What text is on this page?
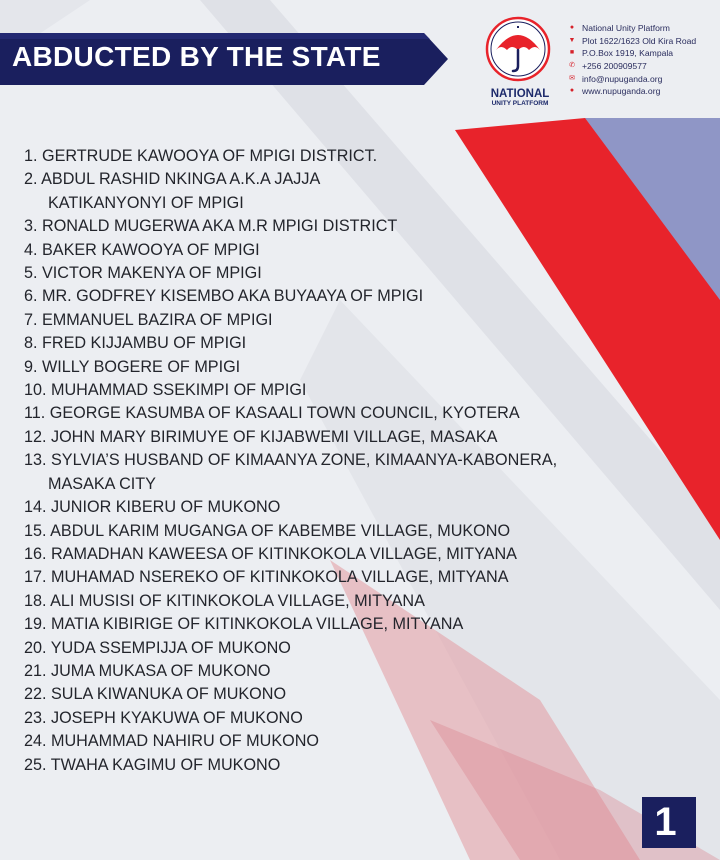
ABDUCTED BY THE STATE
NATIONAL
UNITY PLATFORM
● National Unity Platform
▼ Plot 1622/1623 Old Kira Road
■ P.O.Box 1919, Kampala
✆ +256 200909577
✉ info@nupuganda.org
● www.nupuganda.org
1. GERTRUDE KAWOOYA OF MPIGI DISTRICT.
2. ABDUL RASHID NKINGA A.K.A JAJJA
KATIKANYONYI OF MPIGI
3. RONALD MUGERWA AKA M.R MPIGI DISTRICT
4. BAKER KAWOOYA OF MPIGI
5. VICTOR MAKENYA OF MPIGI
6. MR. GODFREY KISEMBO AKA BUYAAYA OF MPIGI
7. EMMANUEL BAZIRA OF MPIGI
8. FRED KIJJAMBU OF MPIGI
9. WILLY BOGERE OF MPIGI
10. MUHAMMAD SSEKIMPI OF MPIGI
11. GEORGE KASUMBA OF KASAALI TOWN COUNCIL, KYOTERA
12. JOHN MARY BIRIMUYE OF KIJABWEMI VILLAGE, MASAKA
13. SYLVIA’S HUSBAND OF KIMAANYA ZONE, KIMAANYA-KABONERA,
MASAKA CITY
14. JUNIOR KIBERU OF MUKONO
15. ABDUL KARIM MUGANGA OF KABEMBE VILLAGE, MUKONO
16. RAMADHAN KAWEESA OF KITINKOKOLA VILLAGE, MITYANA
17. MUHAMAD NSEREKO OF KITINKOKOLA VILLAGE, MITYANA
18. ALI MUSISI OF KITINKOKOLA VILLAGE, MITYANA
19. MATIA KIBIRIGE OF KITINKOKOLA VILLAGE, MITYANA
20. YUDA SSEMPIJJA OF MUKONO
21. JUMA MUKASA OF MUKONO
22. SULA KIWANUKA OF MUKONO
23. JOSEPH KYAKUWA OF MUKONO
24. MUHAMMAD NAHIRU OF MUKONO
25. TWAHA KAGIMU OF MUKONO
1
